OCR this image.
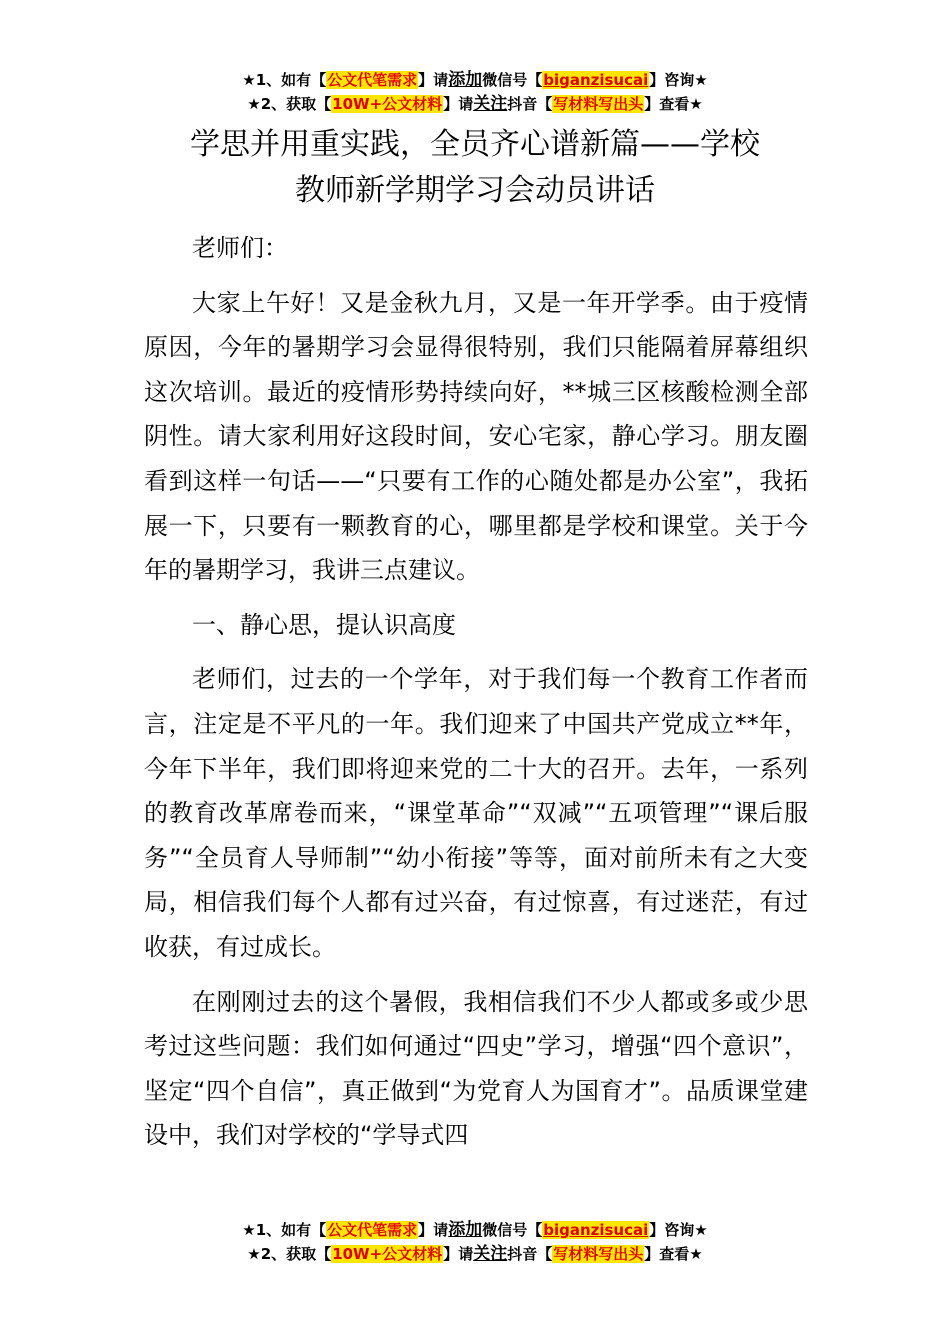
★1、如有【公文代笔需求】请添加微信号【biganzisucai】咨询★
★2、获取【10W+公文材料】请关注抖音【写材料写出头】查看★
学思并用重实践，全员齐心谱新篇——学校
教师新学期学习会动员讲话

老师们：

大家上午好！又是金秋九月，又是一年开学季。由于疫情原因，今年的暑期学习会显得很特别，我们只能隔着屏幕组织这次培训。最近的疫情形势持续向好，**城三区核酸检测全部阴性。请大家利用好这段时间，安心宅家，静心学习。朋友圈看到这样一句话——“只要有工作的心随处都是办公室”，我拓展一下，只要有一颗教育的心，哪里都是学校和课堂。关于今年的暑期学习，我讲三点建议。

一、静心思，提认识高度

老师们，过去的一个学年，对于我们每一个教育工作者而言，注定是不平凡的一年。我们迎来了中国共产党成立**年，今年下半年，我们即将迎来党的二十大的召开。去年，一系列的教育改革席卷而来，“课堂革命”“双减”“五项管理”“课后服务”“全员育人导师制”“幼小衔接”等等，面对前所未有之大变局，相信我们每个人都有过兴奋，有过惊喜，有过迷茫，有过收获，有过成长。

在刚刚过去的这个暑假，我相信我们不少人都或多或少思考过这些问题：我们如何通过“四史”学习，增强“四个意识”，坚定“四个自信”，真正做到“为党育人为国育才”。品质课堂建设中，我们对学校的“学导式四

★1、如有【公文代笔需求】请添加微信号【biganzisucai】咨询★
★2、获取【10W+公文材料】请关注抖音【写材料写出头】查看★
